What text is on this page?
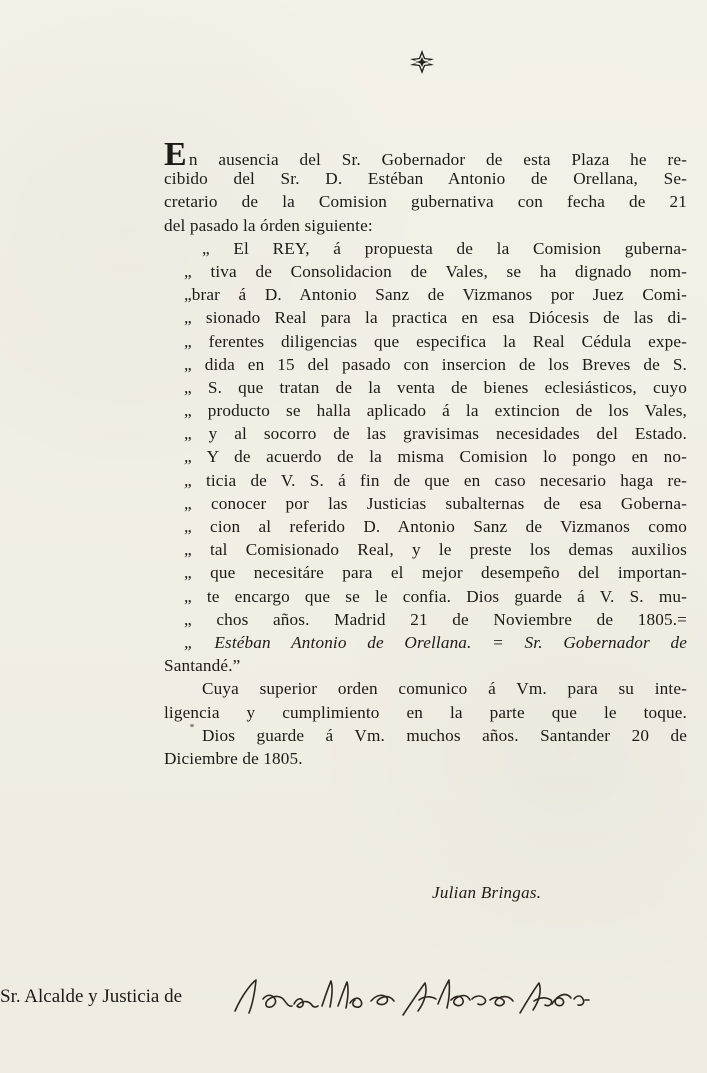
En ausencia del Sr. Gobernador de esta Plaza he re-
cibido del Sr. D. Estéban Antonio de Orellana, Se-
cretario de la Comision gubernativa con fecha de 21
del pasado la órden siguiente:
„ El REY, á propuesta de la Comision guberna-
„ tiva de Consolidacion de Vales, se ha dignado nom-
„brar á D. Antonio Sanz de Vizmanos por Juez Comi-
„ sionado Real para la practica en esa Diócesis de las di-
„ ferentes diligencias que especifica la Real Cédula expe-
„ dida en 15 del pasado con insercion de los Breves de S.
„ S. que tratan de la venta de bienes eclesiásticos, cuyo
„ producto se halla aplicado á la extincion de los Vales,
„ y al socorro de las gravisimas necesidades del Estado.
„ Y de acuerdo de la misma Comision lo pongo en no-
„ ticia de V. S. á fin de que en caso necesario haga re-
„ conocer por las Justicias subalternas de esa Goberna-
„ cion al referido D. Antonio Sanz de Vizmanos como
„ tal Comisionado Real, y le preste los demas auxilios
„ que necesitáre para el mejor desempeño del importan-
„ te encargo que se le confia. Dios guarde á V. S. mu-
„ chos años. Madrid 21 de Noviembre de 1805.=
„ Estéban Antonio de Orellana. = Sr. Gobernador de
Santandé.”
Cuya superior orden comunico á Vm. para su inte-
ligencia y cumplimiento en la parte que le toque.
Dios guarde á Vm. muchos años. Santander 20 de
Diciembre de 1805.
Julian Bringas.
Sr. Alcalde y Justicia de
